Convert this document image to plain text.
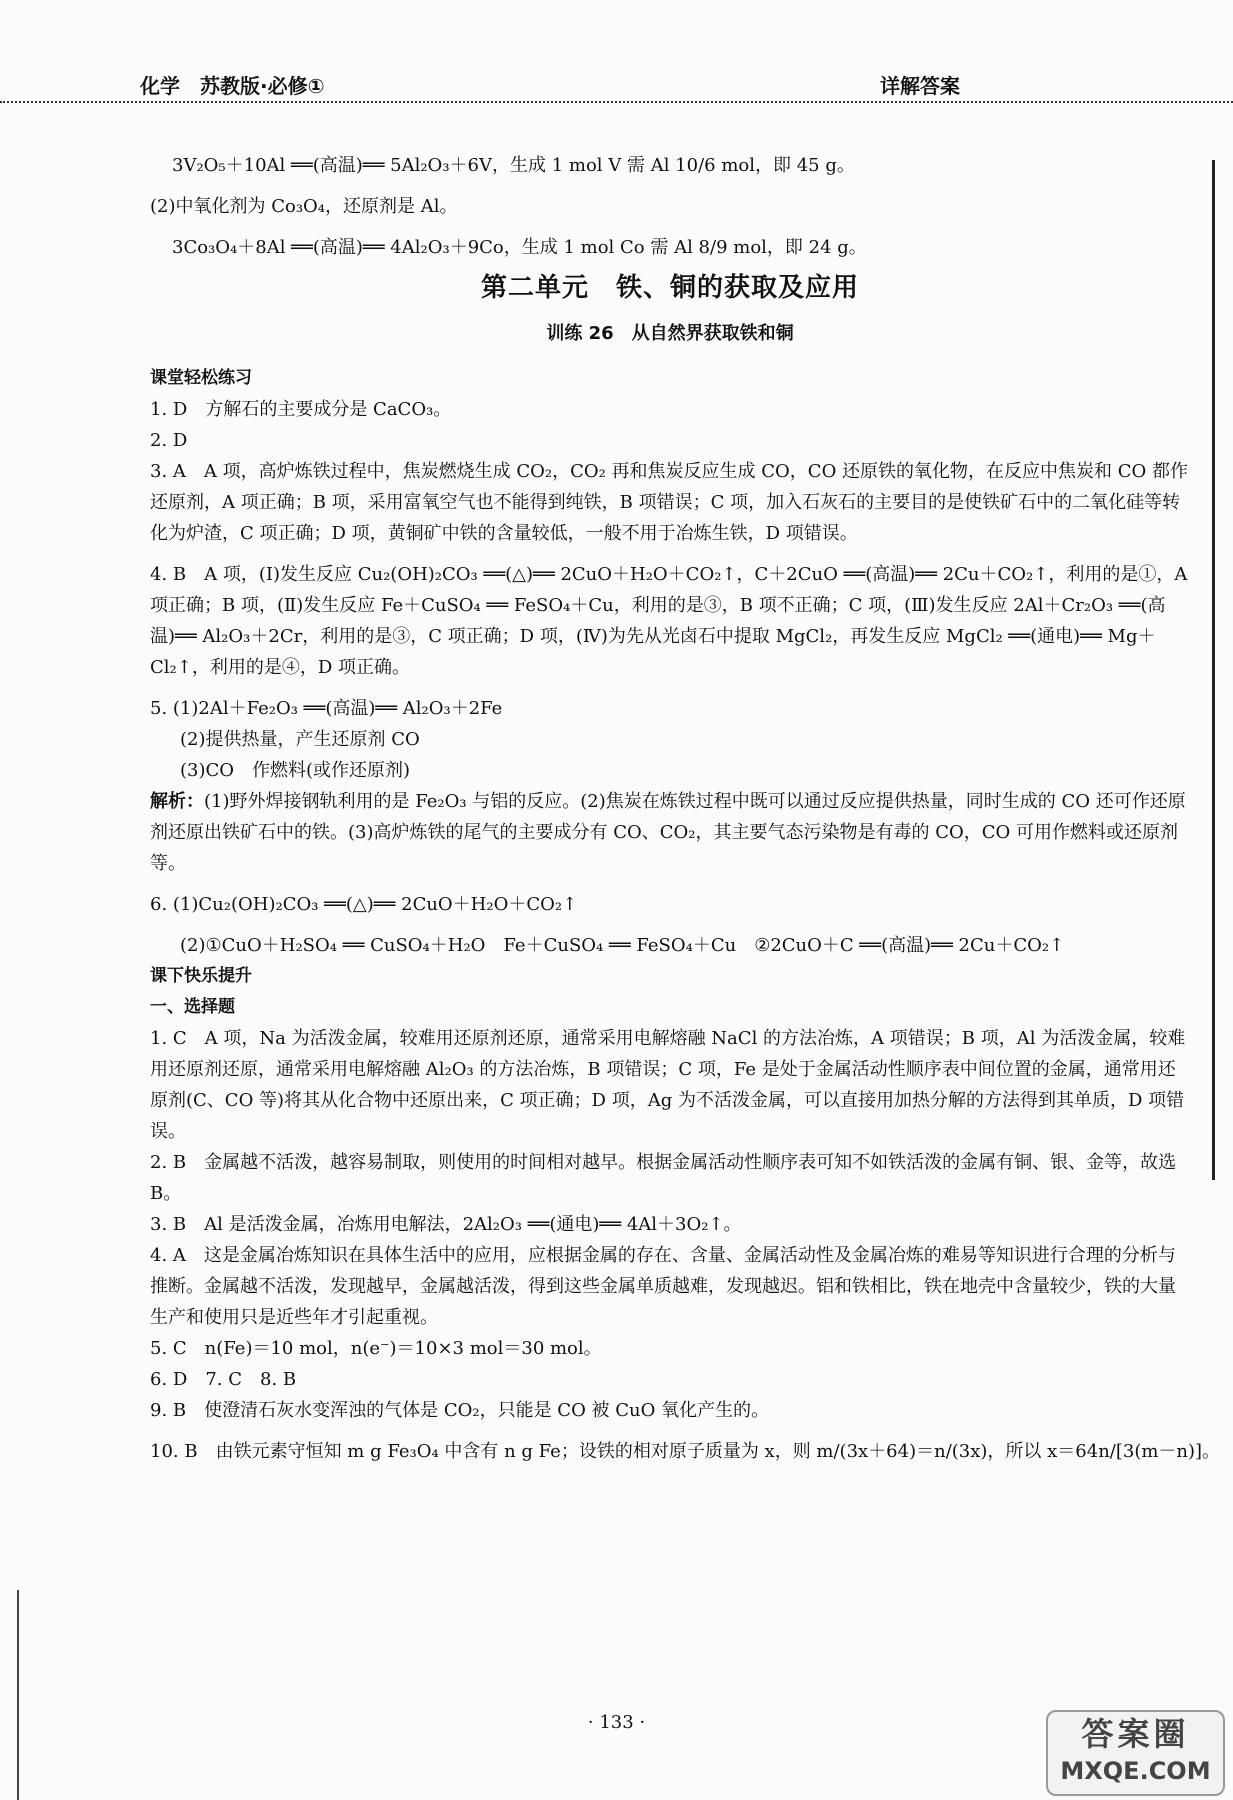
化学　苏教版·必修①	详解答案
3V₂O₅＋10Al ══(高温)══ 5Al₂O₃＋6V，生成 1 mol V 需 Al 10/6 mol，即 45 g。
(2)中氧化剂为 Co₃O₄，还原剂是 Al。
3Co₃O₄＋8Al ══(高温)══ 4Al₂O₃＋9Co，生成 1 mol Co 需 Al 8/9 mol，即 24 g。
第二单元　铁、铜的获取及应用
训练 26　从自然界获取铁和铜
课堂轻松练习
1. D　方解石的主要成分是 CaCO₃。
2. D
3. A　A 项，高炉炼铁过程中，焦炭燃烧生成 CO₂，CO₂ 再和焦炭反应生成 CO，CO 还原铁的氧化物，在反应中焦炭和 CO 都作还原剂，A 项正确；B 项，采用富氧空气也不能得到纯铁，B 项错误；C 项，加入石灰石的主要目的是使铁矿石中的二氧化硅等转化为炉渣，C 项正确；D 项，黄铜矿中铁的含量较低，一般不用于冶炼生铁，D 项错误。
4. B　A 项，(Ⅰ)发生反应 Cu₂(OH)₂CO₃ ══(△)══ 2CuO＋H₂O＋CO₂↑，C＋2CuO ══(高温)══ 2Cu＋CO₂↑，利用的是①，A 项正确；B 项，(Ⅱ)发生反应 Fe＋CuSO₄ ══ FeSO₄＋Cu，利用的是③，B 项不正确；C 项，(Ⅲ)发生反应 2Al＋Cr₂O₃ ══(高温)══ Al₂O₃＋2Cr，利用的是③，C 项正确；D 项，(Ⅳ)为先从光卤石中提取 MgCl₂，再发生反应 MgCl₂ ══(通电)══ Mg＋Cl₂↑，利用的是④，D 项正确。
5. (1)2Al＋Fe₂O₃ ══(高温)══ Al₂O₃＋2Fe
(2)提供热量，产生还原剂 CO
(3)CO　作燃料(或作还原剂)
解析：(1)野外焊接钢轨利用的是 Fe₂O₃ 与铝的反应。(2)焦炭在炼铁过程中既可以通过反应提供热量，同时生成的 CO 还可作还原剂还原出铁矿石中的铁。(3)高炉炼铁的尾气的主要成分有 CO、CO₂，其主要气态污染物是有毒的 CO，CO 可用作燃料或还原剂等。
6. (1)Cu₂(OH)₂CO₃ ══(△)══ 2CuO＋H₂O＋CO₂↑
(2)①CuO＋H₂SO₄ ══ CuSO₄＋H₂O　Fe＋CuSO₄ ══ FeSO₄＋Cu　②2CuO＋C ══(高温)══ 2Cu＋CO₂↑
课下快乐提升
一、选择题
1. C　A 项，Na 为活泼金属，较难用还原剂还原，通常采用电解熔融 NaCl 的方法冶炼，A 项错误；B 项，Al 为活泼金属，较难用还原剂还原，通常采用电解熔融 Al₂O₃ 的方法冶炼，B 项错误；C 项，Fe 是处于金属活动性顺序表中间位置的金属，通常用还原剂(C、CO 等)将其从化合物中还原出来，C 项正确；D 项，Ag 为不活泼金属，可以直接用加热分解的方法得到其单质，D 项错误。
2. B　金属越不活泼，越容易制取，则使用的时间相对越早。根据金属活动性顺序表可知不如铁活泼的金属有铜、银、金等，故选 B。
3. B　Al 是活泼金属，冶炼用电解法，2Al₂O₃ ══(通电)══ 4Al＋3O₂↑。
4. A　这是金属冶炼知识在具体生活中的应用，应根据金属的存在、含量、金属活动性及金属冶炼的难易等知识进行合理的分析与推断。金属越不活泼，发现越早，金属越活泼，得到这些金属单质越难，发现越迟。铝和铁相比，铁在地壳中含量较少，铁的大量生产和使用只是近些年才引起重视。
5. C　n(Fe)＝10 mol，n(e⁻)＝10×3 mol＝30 mol。
6. D　7. C　8. B
9. B　使澄清石灰水变浑浊的气体是 CO₂，只能是 CO 被 CuO 氧化产生的。
10. B　由铁元素守恒知 m g Fe₃O₄ 中含有 n g Fe；设铁的相对原子质量为 x，则 m/(3x＋64)＝n/(3x)，所以 x＝64n/[3(m－n)]。
· 133 ·	答案圈
MXQE.COM
